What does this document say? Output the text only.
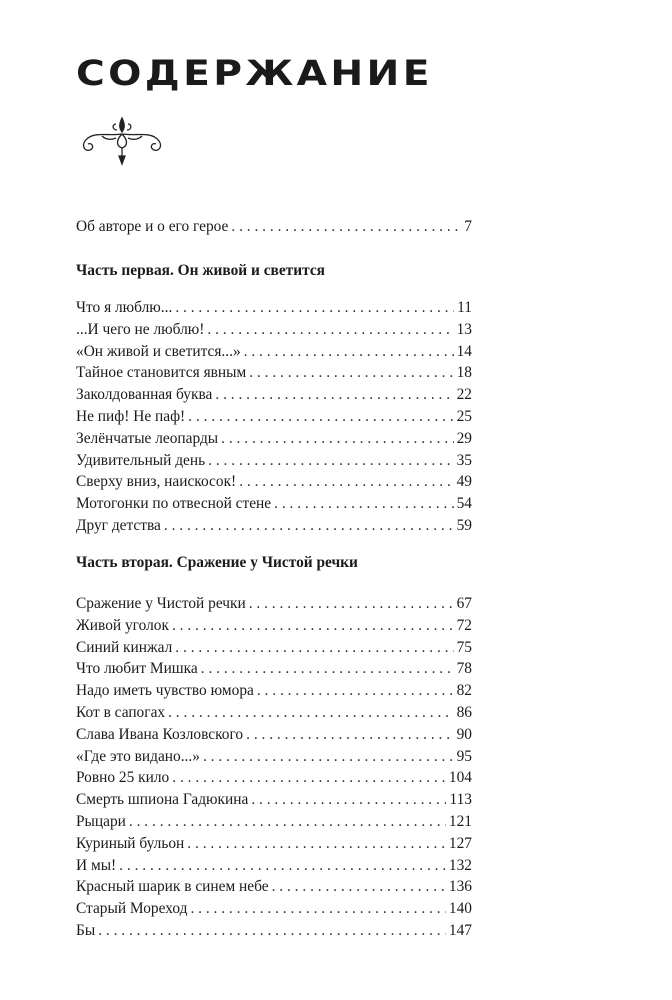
СОДЕРЖАНИЕ
Об авторе и о его герое . . .	7
Часть первая. Он живой и светится
Что я люблю... . . .	11
...И чего не люблю! . . .	13
«Он живой и светится...» . . .	14
Тайное становится явным . . .	18
Заколдованная буква . . .	22
Не пиф! Не паф! . . .	25
Зелёнчатые леопарды . . .	29
Удивительный день . . .	35
Сверху вниз, наискосок! . . .	49
Мотогонки по отвесной стене . . .	54
Друг детства . . .	59
Часть вторая. Сражение у Чистой речки
Сражение у Чистой речки . . .	67
Живой уголок . . .	72
Синий кинжал . . .	75
Что любит Мишка . . .	78
Надо иметь чувство юмора . . .	82
Кот в сапогах . . .	86
Слава Ивана Козловского . . .	90
«Где это видано...» . . .	95
Ровно 25 кило . . .	104
Смерть шпиона Гадюкина . . .	113
Рыцари . . .	121
Куриный бульон . . .	127
И мы! . . .	132
Красный шарик в синем небе . . .	136
Старый Мореход . . .	140
Бы . . .	147
